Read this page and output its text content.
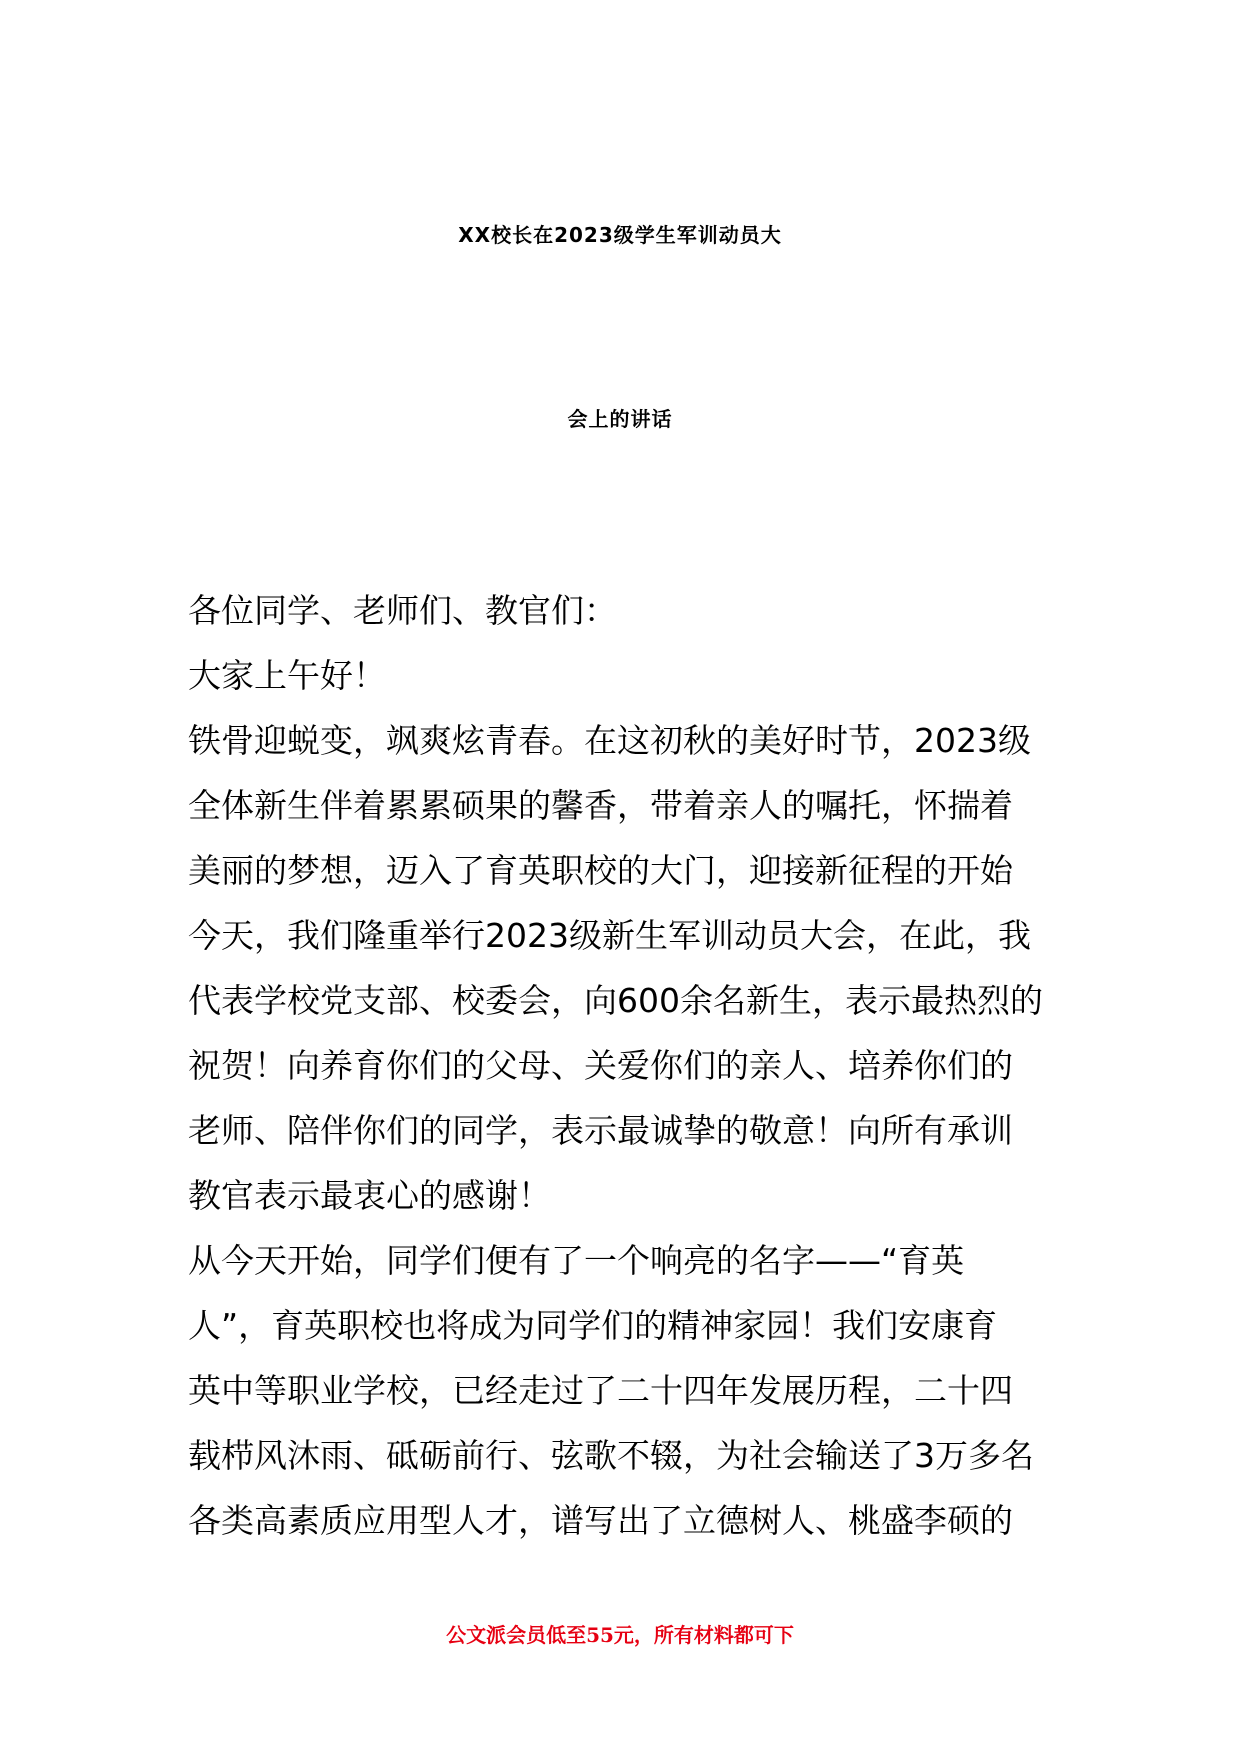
XX校长在2023级学生军训动员大
会上的讲话
各位同学、老师们、教官们：
大家上午好！
铁骨迎蜕变，飒爽炫青春。在这初秋的美好时节，2023级
全体新生伴着累累硕果的馨香，带着亲人的嘱托，怀揣着
美丽的梦想，迈入了育英职校的大门，迎接新征程的开始
今天，我们隆重举行2023级新生军训动员大会，在此，我
代表学校党支部、校委会，向600余名新生，表示最热烈的
祝贺！向养育你们的父母、关爱你们的亲人、培养你们的
老师、陪伴你们的同学，表示最诚挚的敬意！向所有承训
教官表示最衷心的感谢！
从今天开始，同学们便有了一个响亮的名字——“育英
人”，育英职校也将成为同学们的精神家园！我们安康育
英中等职业学校，已经走过了二十四年发展历程，二十四
载栉风沐雨、砥砺前行、弦歌不辍，为社会输送了3万多名
各类高素质应用型人才，谱写出了立德树人、桃盛李硕的
公文派会员低至55元，所有材料都可下
